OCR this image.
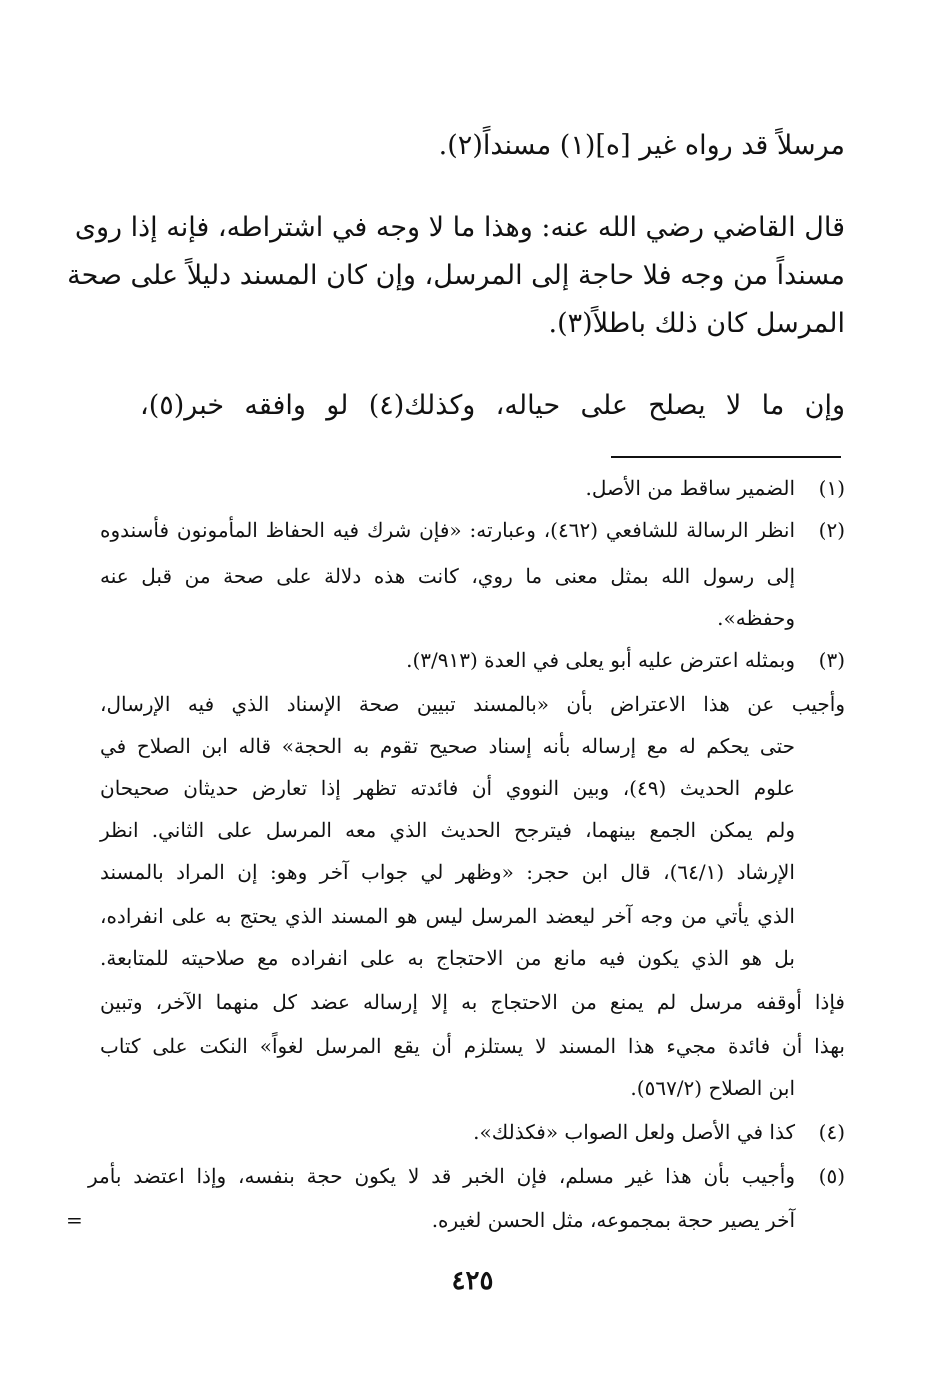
مرسلاً قد رواه غير [ه](١) مسنداً(٢).
قال القاضي رضي الله عنه: وهذا ما لا وجه في اشتراطه، فإنه إذا روى
مسنداً من وجه فلا حاجة إلى المرسل، وإن كان المسند دليلاً على صحة
المرسل كان ذلك باطلاً(٣).
وإن ما لا يصلح على حياله، وكذلك(٤) لو وافقه خبر(٥)،
(١)
الضمير ساقط من الأصل.
(٢)
انظر الرسالة للشافعي (٤٦٢)، وعبارته: «فإن شرك فيه الحفاظ المأمونون فأسندوه
إلى رسول الله بمثل معنى ما روي، كانت هذه دلالة على صحة من قبل عنه
وحفظه».
(٣)
وبمثله اعترض عليه أبو يعلى في العدة (٣/٩١٣).
وأجيب عن هذا الاعتراض بأن «بالمسند تبيين صحة الإسناد الذي فيه الإرسال،
حتى يحكم له مع إرساله بأنه إسناد صحيح تقوم به الحجة» قاله ابن الصلاح في
علوم الحديث (٤٩)، وبين النووي أن فائدته تظهر إذا تعارض حديثان صحيحان
ولم يمكن الجمع بينهما، فيترجح الحديث الذي معه المرسل على الثاني. انظر
الإرشاد (٦٤/١)، قال ابن حجر: «وظهر لي جواب آخر وهو: إن المراد بالمسند
الذي يأتي من وجه آخر ليعضد المرسل ليس هو المسند الذي يحتج به على انفراده،
بل هو الذي يكون فيه مانع من الاحتجاج به على انفراده مع صلاحيته للمتابعة.
فإذا أوقفه مرسل لم يمنع من الاحتجاج به إلا إرساله عضد كل منهما الآخر، وتبين
بهذا أن فائدة مجيء هذا المسند لا يستلزم أن يقع المرسل لغواً» النكت على كتاب
ابن الصلاح (٥٦٧/٢).
(٤)
كذا في الأصل ولعل الصواب «فكذلك».
(٥)
وأجيب بأن هذا غير مسلم، فإن الخبر قد لا يكون حجة بنفسه، وإذا اعتضد بأمر
آخر يصير حجة بمجموعه، مثل الحسن لغيره.
=
٤٢٥
